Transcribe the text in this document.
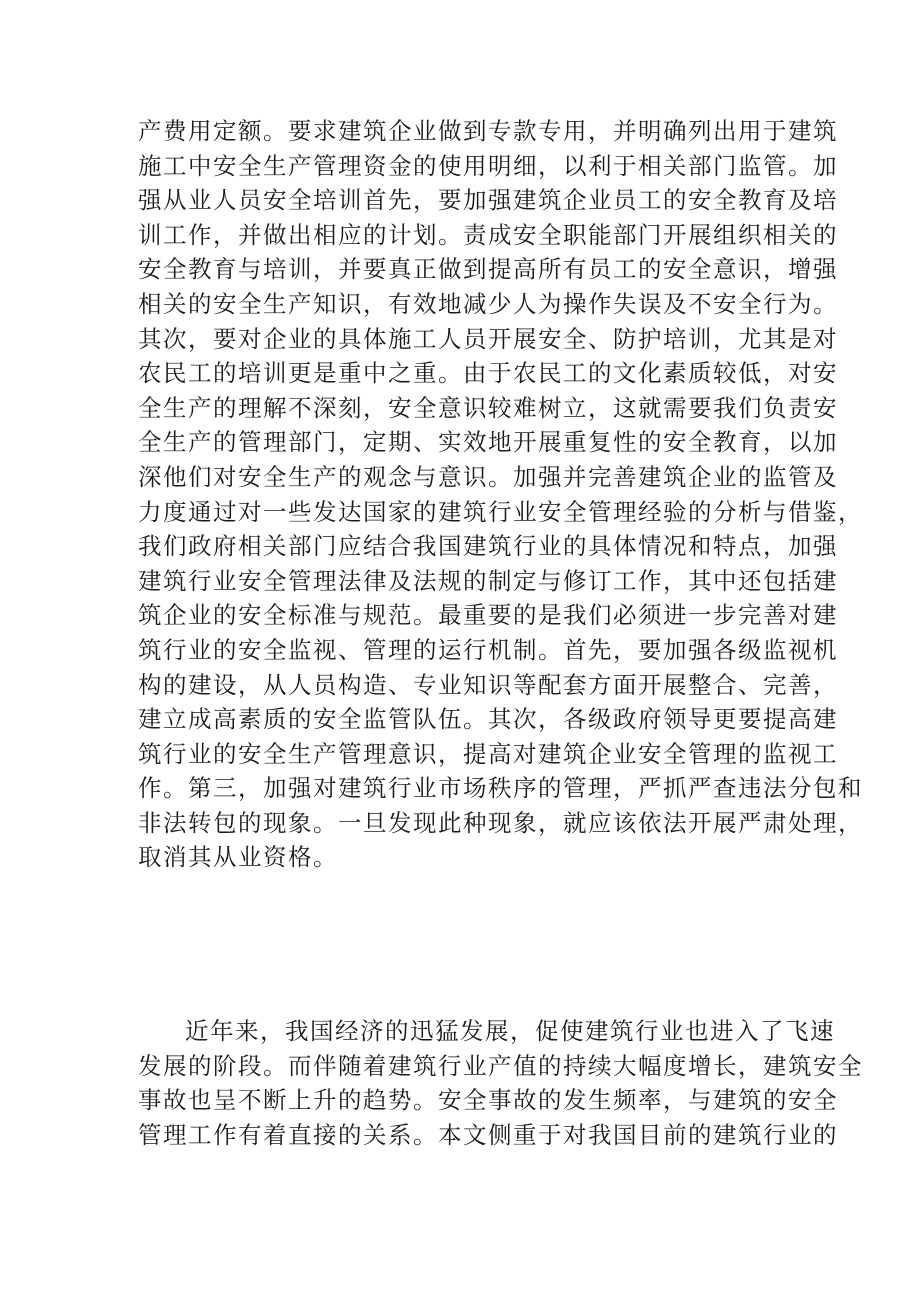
产费用定额。要求建筑企业做到专款专用，并明确列出用于建筑
施工中安全生产管理资金的使用明细，以利于相关部门监管。加
强从业人员安全培训首先，要加强建筑企业员工的安全教育及培
训工作，并做出相应的计划。责成安全职能部门开展组织相关的
安全教育与培训，并要真正做到提高所有员工的安全意识，增强
相关的安全生产知识，有效地减少人为操作失误及不安全行为。
其次，要对企业的具体施工人员开展安全、防护培训，尤其是对
农民工的培训更是重中之重。由于农民工的文化素质较低，对安
全生产的理解不深刻，安全意识较难树立，这就需要我们负责安
全生产的管理部门，定期、实效地开展重复性的安全教育，以加
深他们对安全生产的观念与意识。加强并完善建筑企业的监管及
力度通过对一些发达国家的建筑行业安全管理经验的分析与借鉴，
我们政府相关部门应结合我国建筑行业的具体情况和特点，加强
建筑行业安全管理法律及法规的制定与修订工作，其中还包括建
筑企业的安全标准与规范。最重要的是我们必须进一步完善对建
筑行业的安全监视、管理的运行机制。首先，要加强各级监视机
构的建设，从人员构造、专业知识等配套方面开展整合、完善，
建立成高素质的安全监管队伍。其次，各级政府领导更要提高建
筑行业的安全生产管理意识，提高对建筑企业安全管理的监视工
作。第三，加强对建筑行业市场秩序的管理，严抓严查违法分包和
非法转包的现象。一旦发现此种现象，就应该依法开展严肃处理，
取消其从业资格。
近年来，我国经济的迅猛发展，促使建筑行业也进入了飞速
发展的阶段。而伴随着建筑行业产值的持续大幅度增长，建筑安全
事故也呈不断上升的趋势。安全事故的发生频率，与建筑的安全
管理工作有着直接的关系。本文侧重于对我国目前的建筑行业的
